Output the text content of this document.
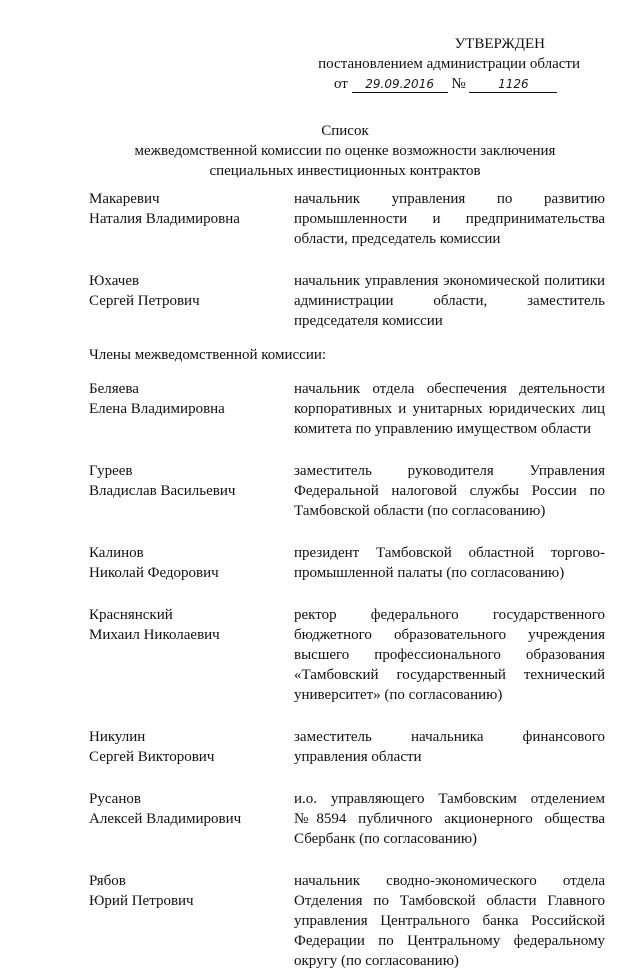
УТВЕРЖДЕН
постановлением администрации области
от 29.09.2016 №	1126
Список
межведомственной комиссии по оценке возможности заключения
специальных инвестиционных контрактов
Макаревич
Наталия Владимировна
начальник управления по развитию промышленности и предпринимательства области, председатель комиссии
Юхачев
Сергей Петрович
начальник управления экономической политики администрации области, заместитель председателя комиссии
Члены межведомственной комиссии:
Беляева
Елена Владимировна
начальник отдела обеспечения деятельности корпоративных и унитарных юридических лиц комитета по управлению имуществом области
Гуреев
Владислав Васильевич
заместитель руководителя Управления Федеральной налоговой службы России по Тамбовской области (по согласованию)
Калинов
Николай Федорович
президент Тамбовской областной торгово-промышленной палаты (по согласованию)
Краснянский
Михаил Николаевич
ректор федерального государственного бюджетного образовательного учреждения высшего профессионального образования «Тамбовский государственный технический университет» (по согласованию)
Никулин
Сергей Викторович
заместитель начальника финансового управления области
Русанов
Алексей Владимирович
и.о. управляющего Тамбовским отделением №8594 публичного акционерного общества Сбербанк (по согласованию)
Рябов
Юрий Петрович
начальник сводно-экономического отдела Отделения по Тамбовской области Главного управления Центрального банка Российской Федерации по Центральному федеральному округу (по согласованию)
